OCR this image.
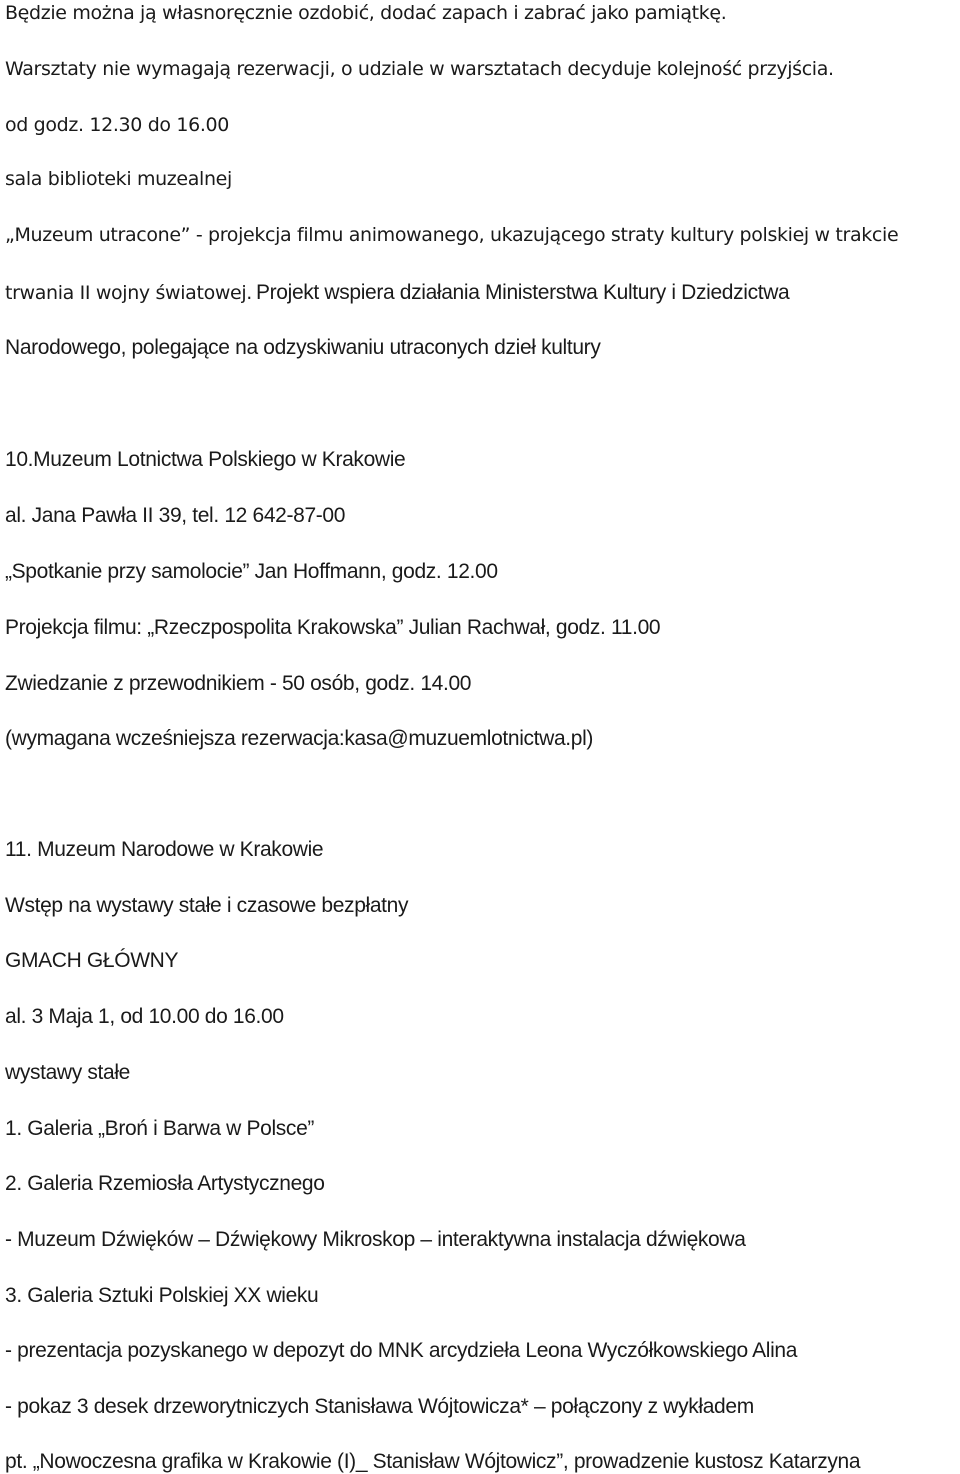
Będzie można ją własnoręcznie ozdobić, dodać zapach i zabrać jako pamiątkę.
Warsztaty nie wymagają rezerwacji, o udziale w warsztatach decyduje kolejność przyjścia.
od godz. 12.30 do 16.00
sala biblioteki muzealnej
„Muzeum utracone” - projekcja filmu animowanego, ukazującego straty kultury polskiej w trakcie
trwania II wojny światowej. Projekt wspiera działania Ministerstwa Kultury i Dziedzictwa
Narodowego, polegające na odzyskiwaniu utraconych dzieł kultury
10.Muzeum Lotnictwa Polskiego w Krakowie
al. Jana Pawła II 39, tel. 12 642-87-00
„Spotkanie przy samolocie” Jan Hoffmann, godz. 12.00
Projekcja filmu: „Rzeczpospolita Krakowska” Julian Rachwał, godz. 11.00
Zwiedzanie z przewodnikiem - 50 osób, godz. 14.00
(wymagana wcześniejsza rezerwacja:kasa@muzuemlotnictwa.pl)
11. Muzeum Narodowe w Krakowie
Wstęp na wystawy stałe i czasowe bezpłatny
GMACH GŁÓWNY
al. 3 Maja 1, od 10.00 do 16.00
wystawy stałe
1. Galeria „Broń i Barwa w Polsce”
2. Galeria Rzemiosła Artystycznego
- Muzeum Dźwięków – Dźwiękowy Mikroskop – interaktywna instalacja dźwiękowa
3. Galeria Sztuki Polskiej XX wieku
- prezentacja pozyskanego w depozyt do MNK arcydzieła Leona Wyczółkowskiego Alina
- pokaz 3 desek drzeworytniczych Stanisława Wójtowicza* – połączony z wykładem
pt. „Nowoczesna grafika w Krakowie (I)_ Stanisław Wójtowicz”, prowadzenie kustosz Katarzyna
